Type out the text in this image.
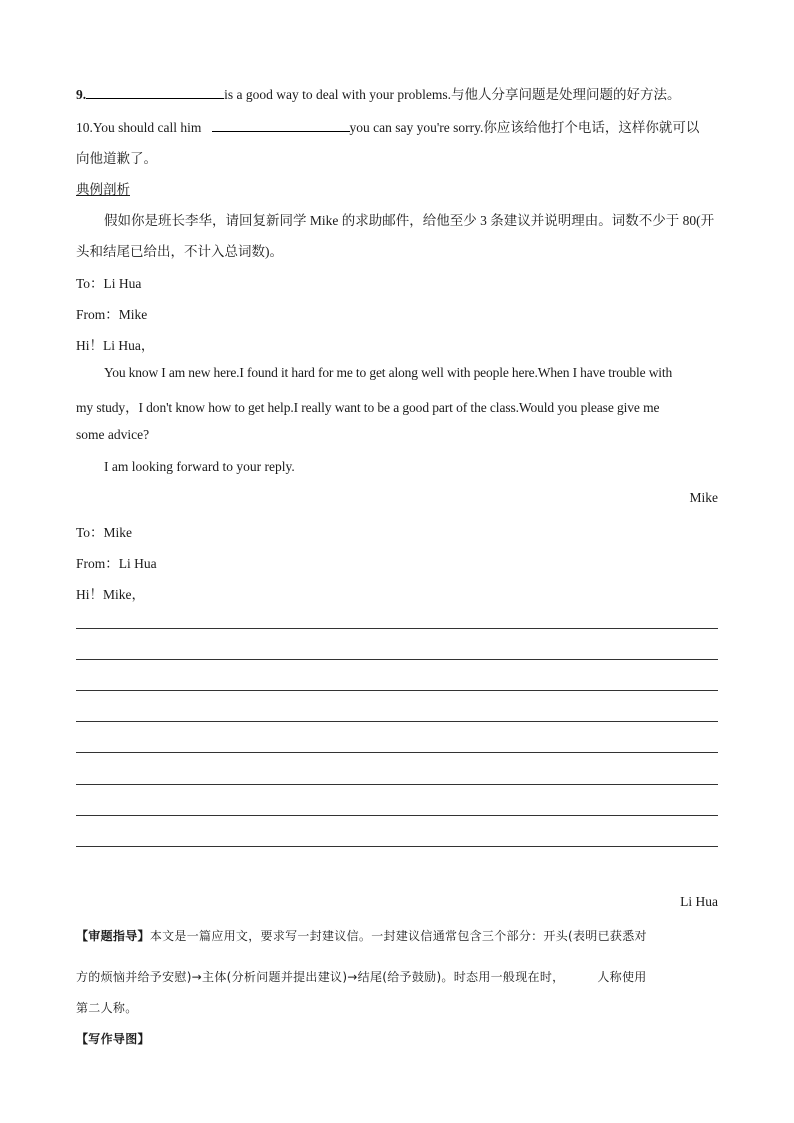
9.	is a good way to deal with your problems.与他人分享问题是处理问题的好方法。
10.You should call him	you can say you're sorry.你应该给他打个电话，这样你就可以
向他道歉了。
典例剖析
假如你是班长李华，请回复新同学 Mike 的求助邮件，给他至少 3 条建议并说明理由。词数不少于 80(开
头和结尾已给出，不计入总词数)。
To：Li Hua
From：Mike
Hi！Li Hua，
You know I am new here.I found it hard for me to get along well with people here.When I have trouble with
my study，I don't know how to get help.I really want to be a good part of the class.Would you please give me
some advice?
I am looking forward to your reply.
Mike
To：Mike
From：Li Hua
Hi！Mike，
Li Hua
【审题指导】本文是一篇应用文，要求写一封建议信。一封建议信通常包含三个部分：开头(表明已获悉对
方的烦恼并给予安慰)→主体(分析问题并提出建议)→结尾(给予鼓励)。时态用一般现在时，	人称使用
第二人称。
【写作导图】
